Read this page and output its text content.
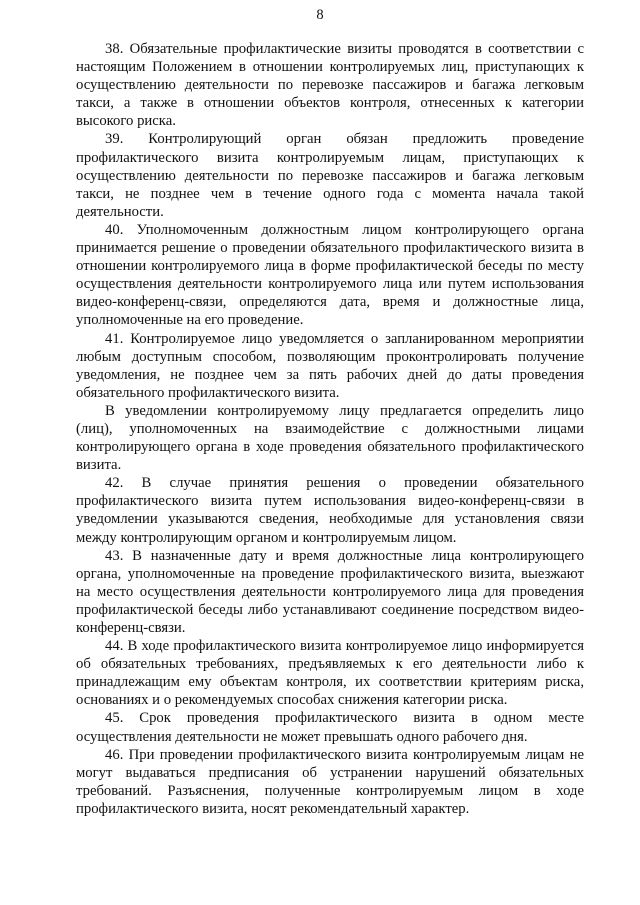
8

38. Обязательные профилактические визиты проводятся в соответствии с настоящим Положением в отношении контролируемых лиц, приступающих к осуществлению деятельности по перевозке пассажиров и багажа легковым такси, а также в отношении объектов контроля, отнесенных к категории высокого риска.

39. Контролирующий орган обязан предложить проведение профилактического визита контролируемым лицам, приступающих к осуществлению деятельности по перевозке пассажиров и багажа легковым такси, не позднее чем в течение одного года с момента начала такой деятельности.

40. Уполномоченным должностным лицом контролирующего органа принимается решение о проведении обязательного профилактического визита в отношении контролируемого лица в форме профилактической беседы по месту осуществления деятельности контролируемого лица или путем использования видео-конференц-связи, определяются дата, время и должностные лица, уполномоченные на его проведение.

41. Контролируемое лицо уведомляется о запланированном мероприятии любым доступным способом, позволяющим проконтролировать получение уведомления, не позднее чем за пять рабочих дней до даты проведения обязательного профилактического визита.

В уведомлении контролируемому лицу предлагается определить лицо (лиц), уполномоченных на взаимодействие с должностными лицами контролирующего органа в ходе проведения обязательного профилактического визита.

42. В случае принятия решения о проведении обязательного профилактического визита путем использования видео-конференц-связи в уведомлении указываются сведения, необходимые для установления связи между контролирующим органом и контролируемым лицом.

43. В назначенные дату и время должностные лица контролирующего органа, уполномоченные на проведение профилактического визита, выезжают на место осуществления деятельности контролируемого лица для проведения профилактической беседы либо устанавливают соединение посредством видео-конференц-связи.

44. В ходе профилактического визита контролируемое лицо информируется об обязательных требованиях, предъявляемых к его деятельности либо к принадлежащим ему объектам контроля, их соответствии критериям риска, основаниях и о рекомендуемых способах снижения категории риска.

45. Срок проведения профилактического визита в одном месте осуществления деятельности не может превышать одного рабочего дня.

46. При проведении профилактического визита контролируемым лицам не могут выдаваться предписания об устранении нарушений обязательных требований. Разъяснения, полученные контролируемым лицом в ходе профилактического визита, носят рекомендательный характер.
